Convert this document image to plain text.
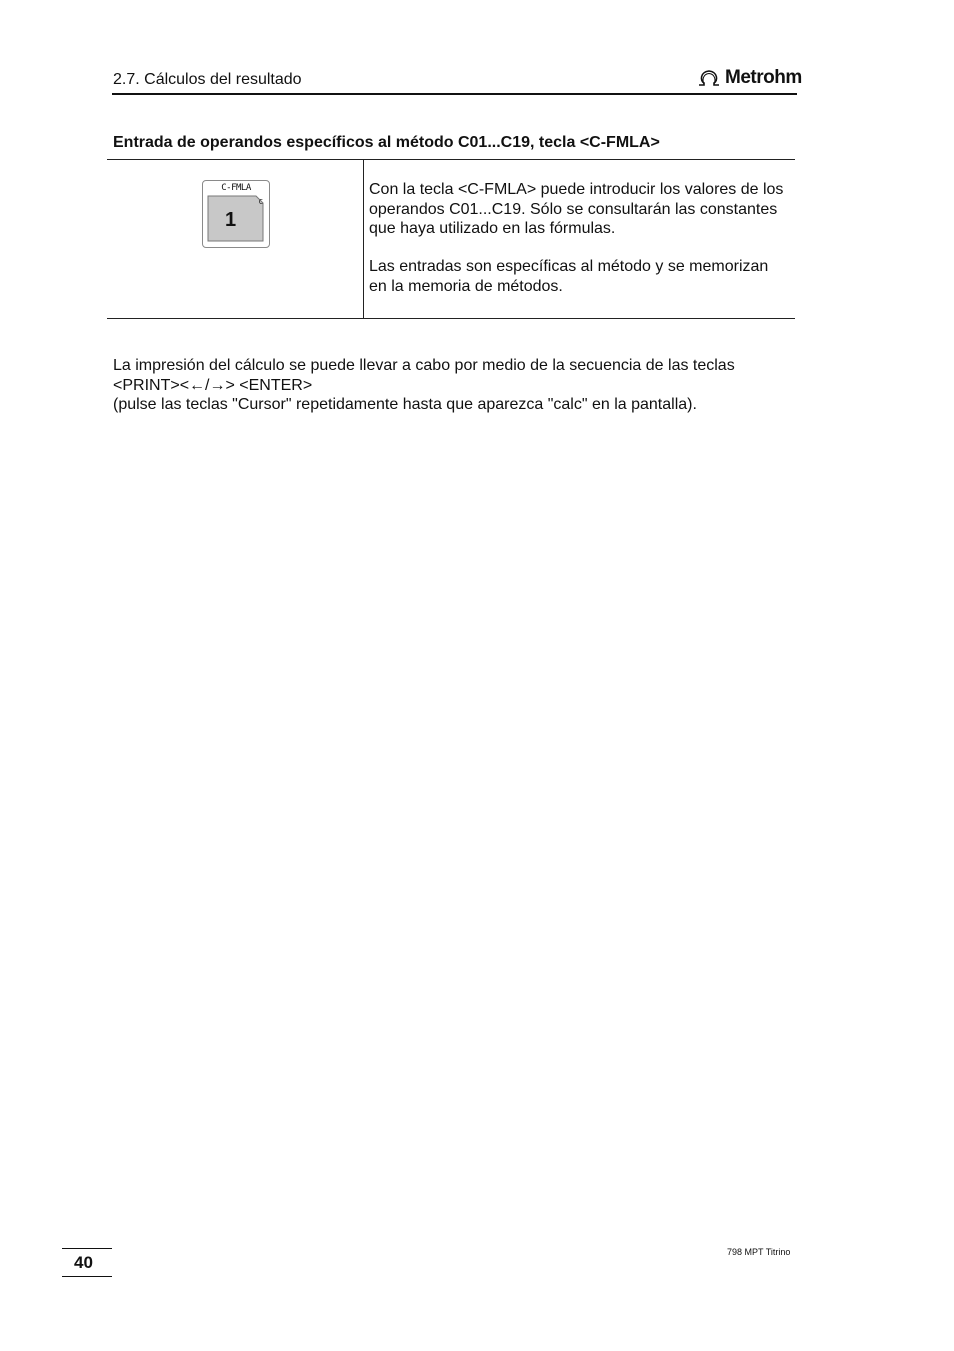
2.7. Cálculos del resultado	Metrohm
Entrada de operandos específicos al método C01...C19, tecla <C-FMLA>
C-FMLA
C
1
Con la tecla <C-FMLA> puede introducir los valores de los operandos C01...C19. Sólo se consultarán las constantes que haya utilizado en las fórmulas.
Las entradas son específicas al método y se memorizan en la memoria de métodos.
La impresión del cálculo se puede llevar a cabo por medio de la secuencia de las teclas
<PRINT><←/→> <ENTER>
(pulse las teclas "Cursor" repetidamente hasta que aparezca "calc" en la pantalla).
40
798 MPT Titrino
